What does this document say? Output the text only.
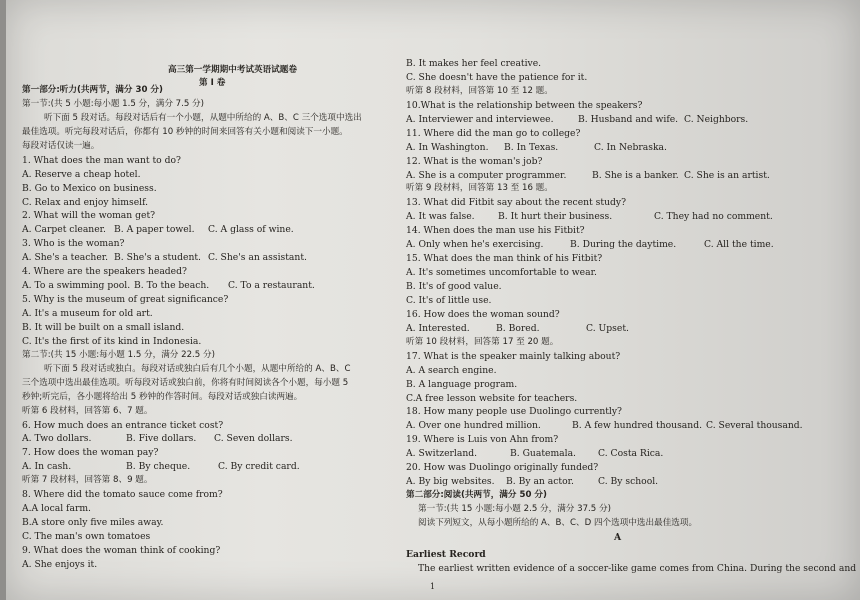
高三第一学期期中考试英语试题卷
第 I 卷
第一部分:听力(共两节，满分 30 分)
第一节:(共 5 小题:每小题 1.5 分，满分 7.5 分)
听下面 5 段对话。每段对话后有一个小题，从题中所给的 A、B、C 三个选项中选出
最佳选项。听完每段对话后，你都有 10 秒钟的时间来回答有关小题和阅读下一小题。
每段对话仅读一遍。
1. What does the man want to do?
A. Reserve a cheap hotel.
B. Go to Mexico on business.
C. Relax and enjoy himself.
2. What will the woman get?
A. Carpet cleaner. B. A paper towel. C. A glass of wine.
3. Who is the woman?
A. She's a teacher. B. She's a student. C. She's an assistant.
4. Where are the speakers headed?
A. To a swimming pool. B. To the beach. C. To a restaurant.
5. Why is the museum of great significance?
A. It's a museum for old art.
B. It will be built on a small island.
C. It's the first of its kind in Indonesia.
第二节:(共 15 小题:每小题 1.5 分，满分 22.5 分)
听下面 5 段对话或独白。每段对话或独白后有几个小题，从题中所给的 A、B、C
三个选项中选出最佳选项。听每段对话或独白前，你将有时间阅读各个小题，每小题 5
秒钟;听完后，各小题将给出 5 秒钟的作答时间。每段对话或独白读两遍。
听第 6 段材料，回答第 6、7 题。
6. How much does an entrance ticket cost?
A. Two dollars.	B. Five dollars. C. Seven dollars.
7. How does the woman pay?
A. In cash.	B. By cheque.	C. By credit card.
听第 7 段材料，回答第 8、9 题。
8. Where did the tomato sauce come from?
A.A local farm.
B.A store only five miles away.
C. The man's own tomatoes
9. What does the woman think of cooking?
A. She enjoys it.
B. It makes her feel creative.
C. She doesn't have the patience for it.
听第 8 段材料，回答第 10 至 12 题。
10.What is the relationship between the speakers?
A. Interviewer and interviewee.	B. Husband and wife. C. Neighbors.
11. Where did the man go to college?
A. In Washington. B. In Texas.	C. In Nebraska.
12. What is the woman's job?
A. She is a computer programmer.	B. She is a banker. C. She is an artist.
听第 9 段材料，回答第 13 至 16 题。
13. What did Fitbit say about the recent study?
A. It was false.	B. It hurt their business.	C. They had no comment.
14. When does the man use his Fitbit?
A. Only when he's exercising.	B. During the daytime.	C. All the time.
15. What does the man think of his Fitbit?
A. It's sometimes uncomfortable to wear.
B. It's of good value.
C. It's of little use.
16. How does the woman sound?
A. Interested.	B. Bored.	C. Upset.
听第 10 段材料，回答第 17 至 20 题。
17. What is the speaker mainly talking about?
A. A search engine.
B. A language program.
C.A free lesson website for teachers.
18. How many people use Duolingo currently?
A. Over one hundred million.	B. A few hundred thousand. C. Several thousand.
19. Where is Luis von Ahn from?
A. Switzerland.	B. Guatemala. C. Costa Rica.
20. How was Duolingo originally funded?
A. By big websites. B. By an actor.	C. By school.
第二部分:阅读(共两节，满分 50 分)
第一节:(共 15 小题:每小题 2.5 分，满分 37.5 分)
阅读下列短文，从每小题所给的 A、B、C、D 四个选项中选出最佳选项。
A
Earliest Record
The earliest written evidence of a soccer-like game comes from China. During the second and
1
